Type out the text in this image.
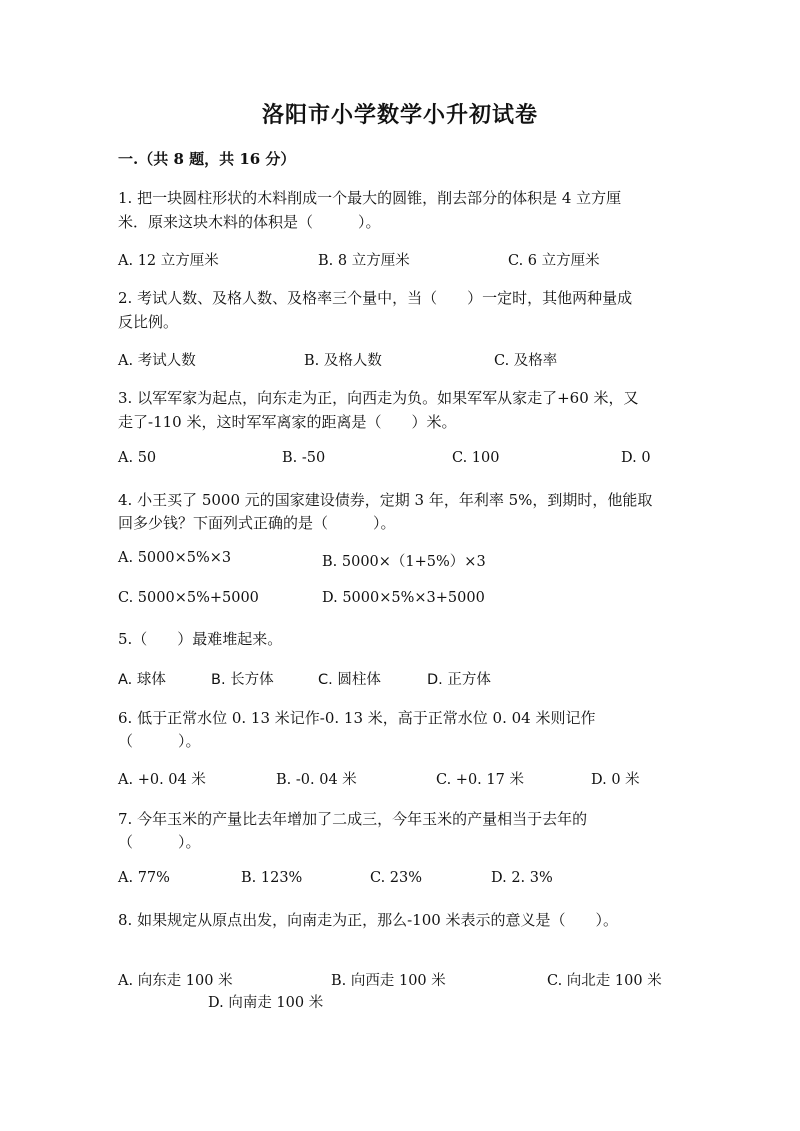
洛阳市小学数学小升初试卷
一.（共 8 题，共 16 分）
1. 把一块圆柱形状的木料削成一个最大的圆锥，削去部分的体积是 4 立方厘
米．原来这块木料的体积是（　　　）。
A. 12 立方厘米	B. 8 立方厘米	C. 6 立方厘米
2. 考试人数、及格人数、及格率三个量中，当（　　）一定时，其他两种量成
反比例。
A. 考试人数	B. 及格人数	C. 及格率
3. 以军军家为起点，向东走为正，向西走为负。如果军军从家走了+60 米，又
走了-110 米，这时军军离家的距离是（　　）米。
A. 50	B. -50	C. 100	D. 0
4. 小王买了 5000 元的国家建设债券，定期 3 年，年利率 5%，到期时，他能取
回多少钱？下面列式正确的是（　　　）。
A. 5000×5%×3	B. 5000×（1+5%）×3
C. 5000×5%+5000	D. 5000×5%×3+5000
5.（　　）最难堆起来。
A. 球体	B. 长方体	C. 圆柱体	D. 正方体
6. 低于正常水位 0. 13 米记作-0. 13 米，高于正常水位 0. 04 米则记作
（　　　）。
A. +0. 04 米	B. -0. 04 米	C. +0. 17 米	D. 0 米
7. 今年玉米的产量比去年增加了二成三，今年玉米的产量相当于去年的
（　　　）。
A. 77%	B. 123%	C. 23%	D. 2. 3%
8. 如果规定从原点出发，向南走为正，那么-100 米表示的意义是（　　）。
A. 向东走 100 米	B. 向西走 100 米	C. 向北走 100 米
D. 向南走 100 米
